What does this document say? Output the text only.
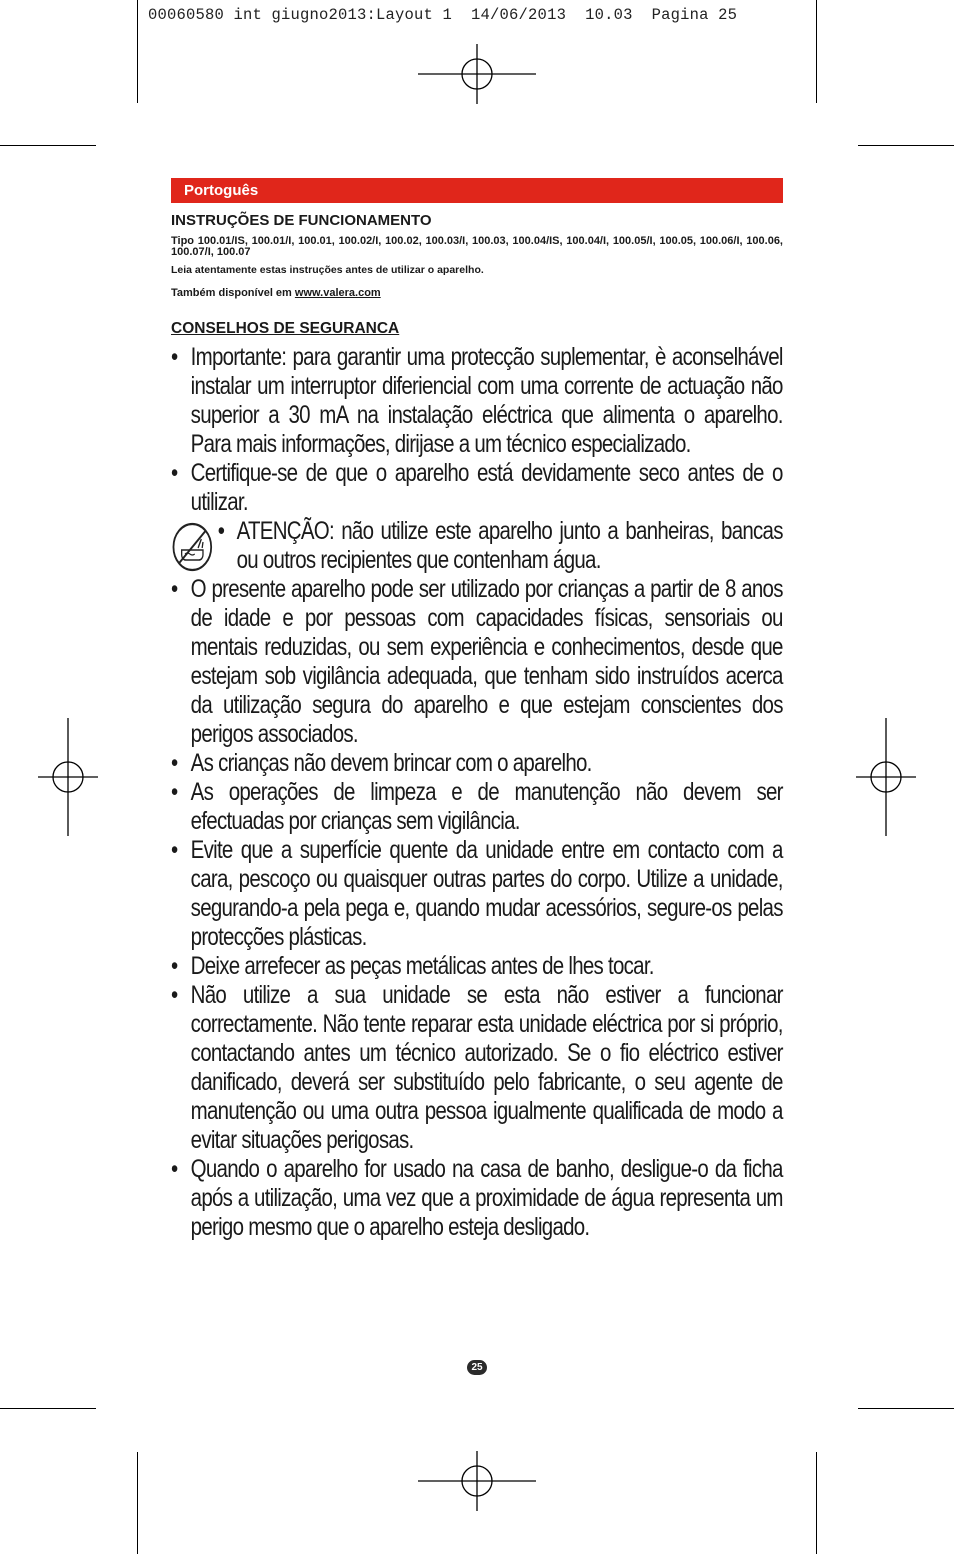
00060580 int giugno2013:Layout 1  14/06/2013  10.03  Pagina 25
Portoguês
INSTRUÇÕES DE FUNCIONAMENTO
Tipo 100.01/IS, 100.01/I, 100.01, 100.02/I, 100.02, 100.03/I, 100.03, 100.04/IS, 100.04/I, 100.05/I, 100.05, 100.06/I, 100.06, 100.07/I, 100.07
Leia atentamente estas instruções antes de utilizar o aparelho.
Também disponível em www.valera.com
CONSELHOS DE SEGURANCA
• Importante: para garantir uma protecção suplementar, è aconselhável instalar um interruptor diferiencial com uma corrente de actuação não superior a 30 mA na instalação eléctrica que alimenta o aparelho. Para mais informações, dirijase a um técnico especializado.
• Certifique-se de que o aparelho está devidamente seco antes de o utilizar.
• ATENÇÃO: não utilize este aparelho junto a banheiras, bancas ou outros recipientes que contenham água.
• O presente aparelho pode ser utilizado por crianças a partir de 8 anos de idade e por pessoas com capacidades físicas, sensoriais ou mentais reduzidas, ou sem experiência e conhecimentos, desde que estejam sob vigilância adequada, que tenham sido instruídos acerca da utilização segura do aparelho e que estejam conscientes dos perigos associados.
• As crianças não devem brincar com o aparelho.
• As operações de limpeza e de manutenção não devem ser efectuadas por crianças sem vigilância.
• Evite que a superfície quente da unidade entre em contacto com a cara, pescoço ou quaisquer outras partes do corpo. Utilize a unidade, segurando-a pela pega e, quando mudar acessórios, segure-os pelas protecções plásticas.
• Deixe arrefecer as peças metálicas antes de lhes tocar.
• Não utilize a sua unidade se esta não estiver a funcionar correctamente. Não tente reparar esta unidade eléctrica por si próprio, contactando antes um técnico autorizado. Se o fio eléctrico estiver danificado, deverá ser substituído pelo fabricante, o seu agente de manutenção ou uma outra pessoa igualmente qualificada de modo a evitar situações perigosas.
• Quando o aparelho for usado na casa de banho, desligue-o da ficha após a utilização, uma vez que a proximidade de água representa um perigo mesmo que o aparelho esteja desligado.
25
